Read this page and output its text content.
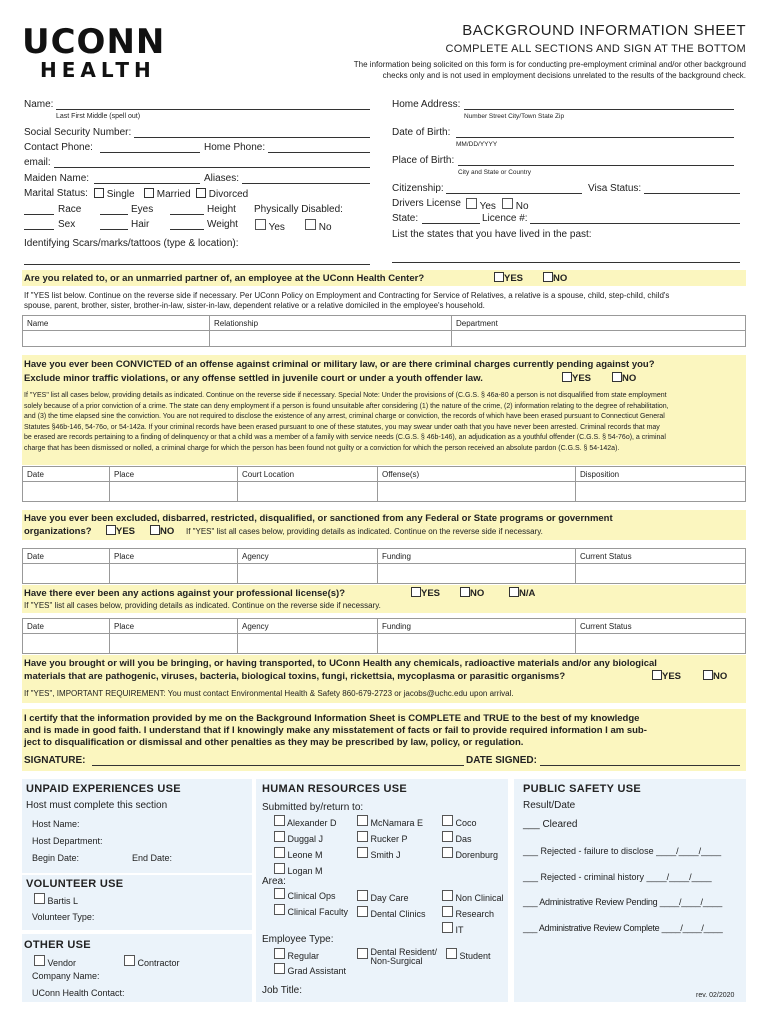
UCONN
HEALTH
BACKGROUND INFORMATION SHEET
COMPLETE ALL SECTIONS AND SIGN AT THE BOTTOM
The information being solicited on this form is for conducting pre-employment criminal and/or other background
checks only and is not used in employment decisions unrelated to the results of the background check.
Name:
Last First Middle (spell out)
Social Security Number:
Contact Phone:	Home Phone:
email:
Maiden Name:	Aliases:
Marital Status:	Single	Married	Divorced
Race	Eyes	Height Physically Disabled:
Sex	Hair	Weight	Yes	No
Identifying Scars/marks/tattoos (type & location):
Home Address:
Number Street City/Town State Zip
Date of Birth:
MM/DD/YYYY
Place of Birth:
City and State or Country
Citizenship:	Visa Status:
Drivers License	Yes	No
State:	Licence #:
List the states that you have lived in the past:
Are you related to, or an unmarried partner of, an employee at the UConn Health Center?	YES	NO
If "YES list below. Continue on the reverse side if necessary. Per UConn Policy on Employment and Contracting for Service of Relatives, a relative is a spouse, child, step-child, child's
spouse, parent, brother, sister, brother-in-law, sister-in-law, dependent relative or a relative domiciled in the employee's household.
Name	Relationship	Department
Have you ever been CONVICTED of an offense against criminal or military law, or are there criminal charges currently pending against you?
Exclude minor traffic violations, or any offense settled in juvenile court or under a youth offender law.	YES	NO
If "YES" list all cases below, providing details as indicated. Continue on the reverse side if necessary. Special Note: Under the provisions of (C.G.S. § 46a-80 a person is not disqualified from state employment
solely because of a prior conviction of a crime. The state can deny employment if a person is found unsuitable after considering (1) the nature of the crime, (2) information relating to the degree of rehabilitation,
and (3) the time elapsed sine the conviction. You are not required to disclose the existence of any arrest, criminal charge or conviction, the records of which have been erased pursuant to Connecticut General
Statutes §46b-146, 54-76o, or 54-142a. If your criminal records have been erased pursuant to one of these statutes, you may swear under oath that you have never been arrested. Criminal records that may
be erased are records pertaining to a finding of delinquency or that a child was a member of a family with service needs (C.G.S. § 46b-146), an adjudication as a youthful offender (C.G.S. § 54-76o), a criminal
charge that has been dismissed or nolled, a criminal charge for which the person has been found not guilty or a conviction for which the person received an absolute pardon (C.G.S. § 54-142a).
Date	Place	Court Location	Offense(s)	Disposition
Have you ever been excluded, disbarred, restricted, disqualified, or sanctioned from any Federal or State programs or government
organizations?	YES	NO If "YES" list all cases below, providing details as indicated. Continue on the reverse side if necessary.
Date	Place	Agency	Funding	Current Status
Have there ever been any actions against your professional license(s)?	YES	NO	N/A
If "YES" list all cases below, providing details as indicated. Continue on the reverse side if necessary.
Date	Place	Agency	Funding	Current Status
Have you brought or will you be bringing, or having transported, to UConn Health any chemicals, radioactive materials and/or any biological
materials that are pathogenic, viruses, bacteria, biological toxins, fungi, rickettsia, mycoplasma or parasitic organisms?	YES	NO
If "YES", IMPORTANT REQUIREMENT: You must contact Environmental Health & Safety 860-679-2723 or jacobs@uchc.edu upon arrival.
I certify that the information provided by me on the Background Information Sheet is COMPLETE and TRUE to the best of my knowledge
and is made in good faith. I understand that if I knowingly make any misstatement of facts or fail to provide required information I am sub-
ject to disqualification or dismissal and other penalties as they may be prescribed by law, policy, or regulation.
SIGNATURE:	DATE SIGNED:
UNPAID EXPERIENCES USE
Host must complete this section
Host Name:
Host Department:
Begin Date:	End Date:
VOLUNTEER USE
Bartis L
Volunteer Type:
OTHER USE
Vendor	Contractor
Company Name:
UConn Health Contact:
HUMAN RESOURCES USE
Submitted by/return to:
Alexander D
Duggal J
Leone M
Logan M
McNamara E
Rucker P
Smith J
Coco
Das
Dorenburg
Area:
Clinical Ops
Clinical Faculty
Day Care
Dental Clinics
Non Clinical
Research
IT
Employee Type:
Regular
Grad Assistant
Dental Resident/
Non-Surgical	Student
Job Title:
PUBLIC SAFETY USE
Result/Date
___ Cleared
___ Rejected - failure to disclose ____/____/____
___ Rejected - criminal history ____/____/____
___ Administrative Review Pending ____/____/____
___ Administrative Review Complete ____/____/____
rev. 02/2020
